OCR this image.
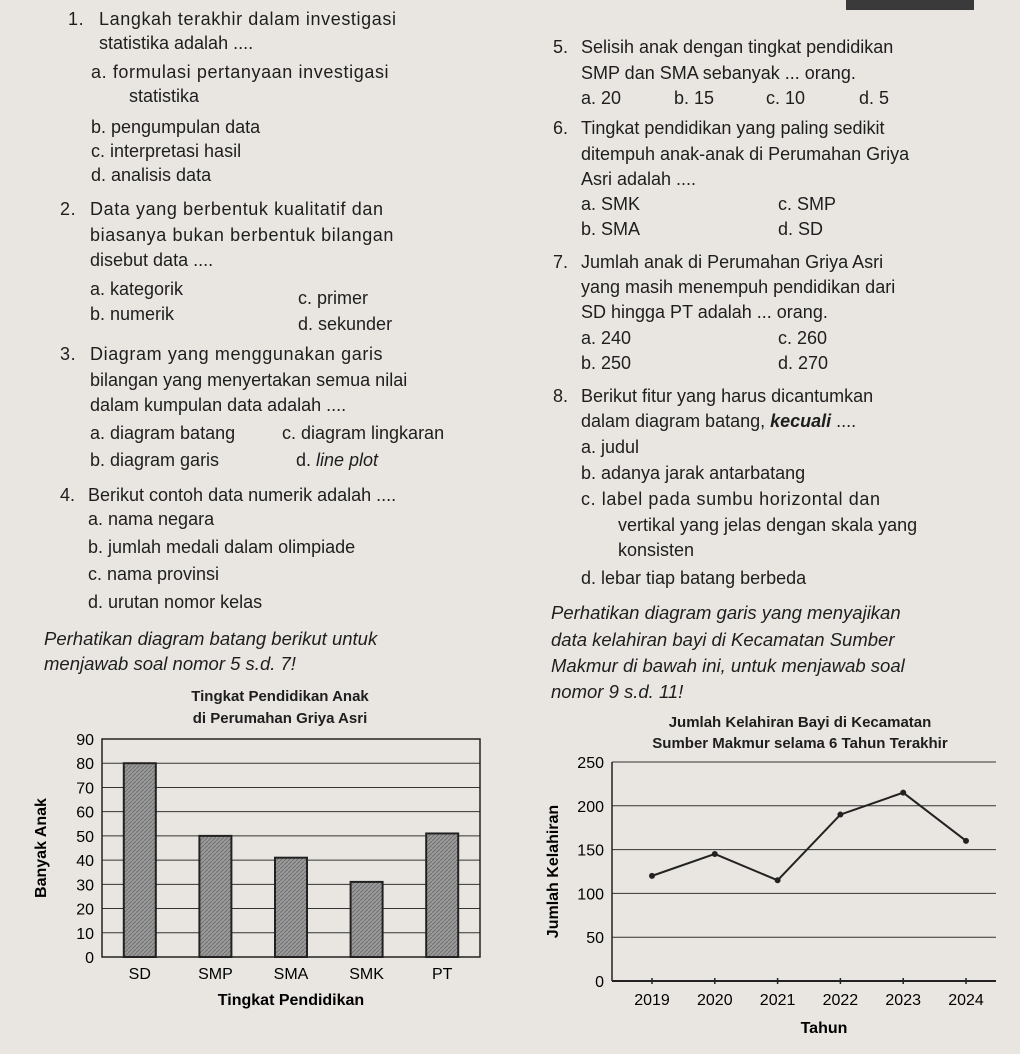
1. Langkah terakhir dalam investigasi
statistika adalah ....
a. formulasi pertanyaan investigasi
statistika
b. pengumpulan data
c. interpretasi hasil
d. analisis data
2. Data yang berbentuk kualitatif dan
biasanya bukan berbentuk bilangan
disebut data ....
a. kategorik	c. primer
b. numerik	d. sekunder
3. Diagram yang menggunakan garis
bilangan yang menyertakan semua nilai
dalam kumpulan data adalah ....
a. diagram batang	c. diagram lingkaran
b. diagram garis	d. line plot
4. Berikut contoh data numerik adalah ....
a. nama negara
b. jumlah medali dalam olimpiade
c. nama provinsi
d. urutan nomor kelas
Perhatikan diagram batang berikut untuk
menjawab soal nomor 5 s.d. 7!
5. Selisih anak dengan tingkat pendidikan
SMP dan SMA sebanyak ... orang.
a. 20	b. 15	c. 10	d. 5
6. Tingkat pendidikan yang paling sedikit
ditempuh anak-anak di Perumahan Griya
Asri adalah ....
a. SMK	c. SMP
b. SMA	d. SD
7. Jumlah anak di Perumahan Griya Asri
yang masih menempuh pendidikan dari
SD hingga PT adalah ... orang.
a. 240	c. 260
b. 250	d. 270
8. Berikut fitur yang harus dicantumkan
dalam diagram batang, kecuali ....
a. judul
b. adanya jarak antarbatang
c. label pada sumbu horizontal dan
vertikal yang jelas dengan skala yang
konsisten
d. lebar tiap batang berbeda
Perhatikan diagram garis yang menyajikan
data kelahiran bayi di Kecamatan Sumber
Makmur di bawah ini, untuk menjawab soal
nomor 9 s.d. 11!
Tingkat Pendidikan Anak
di Perumahan Griya Asri
0
10
20
30
40
50
60
70
80
90
SD	SMP	SMA	SMK	PT
Tingkat Pendidikan
Banyak Anak
Jumlah Kelahiran Bayi di Kecamatan
Sumber Makmur selama 6 Tahun Terakhir
0
50
100
150
200
250
2019 2020 2021 2022 2023 2024
Tahun
Jumlah Kelahiran
